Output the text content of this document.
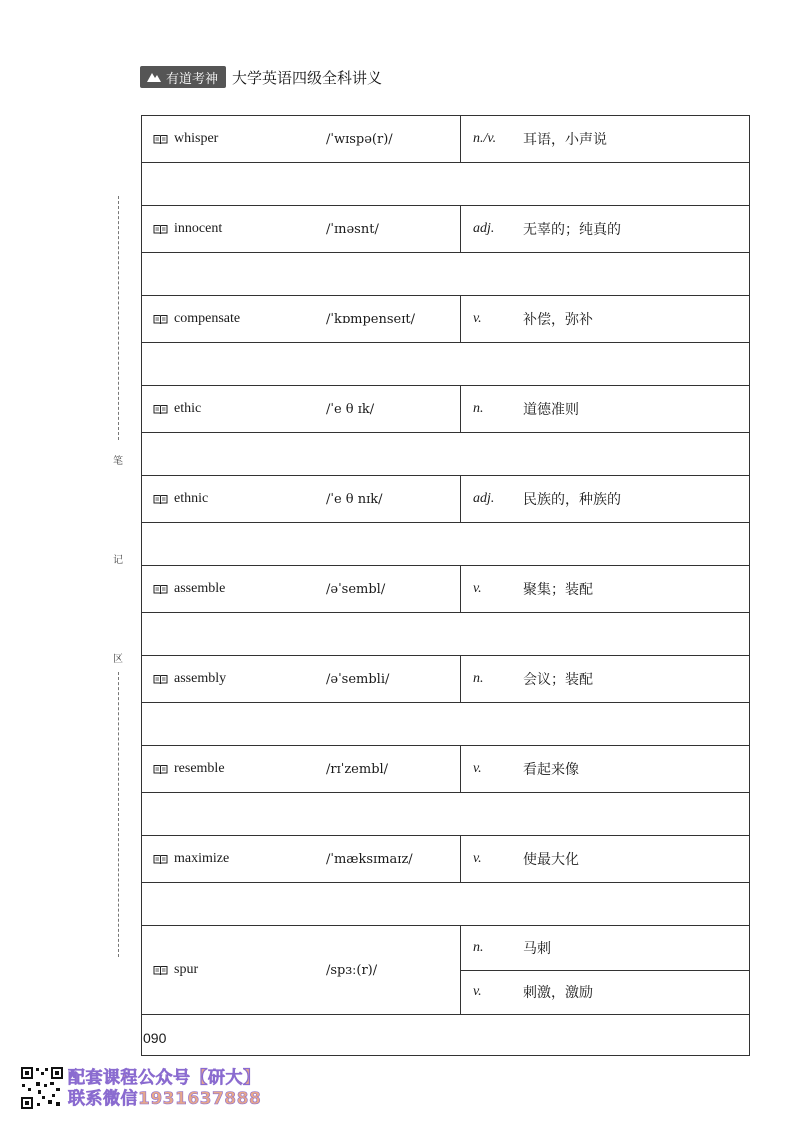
有道考神 大学英语四级全科讲义
笔
记
区
whisper	/ˈwɪspə(r)/	n./v.	耳语，小声说
innocent	/ˈɪnəsnt/	adj.	无辜的；纯真的
compensate	/ˈkɒmpenseɪt/	v.	补偿，弥补
ethic	/ˈe θ ɪk/	n.	道德准则
ethnic	/ˈe θ nɪk/	adj.	民族的，种族的
assemble	/əˈsembl/	v.	聚集；装配
assembly	/əˈsembli/	n.	会议；装配
resemble	/rɪˈzembl/	v.	看起来像
maximize	/ˈmæksɪmaɪz/	v.	使最大化
spur	/spɜː(r)/
n.	马刺
v.	刺激，激励
090
配套课程公众号【研大】
联系微信1931637888
